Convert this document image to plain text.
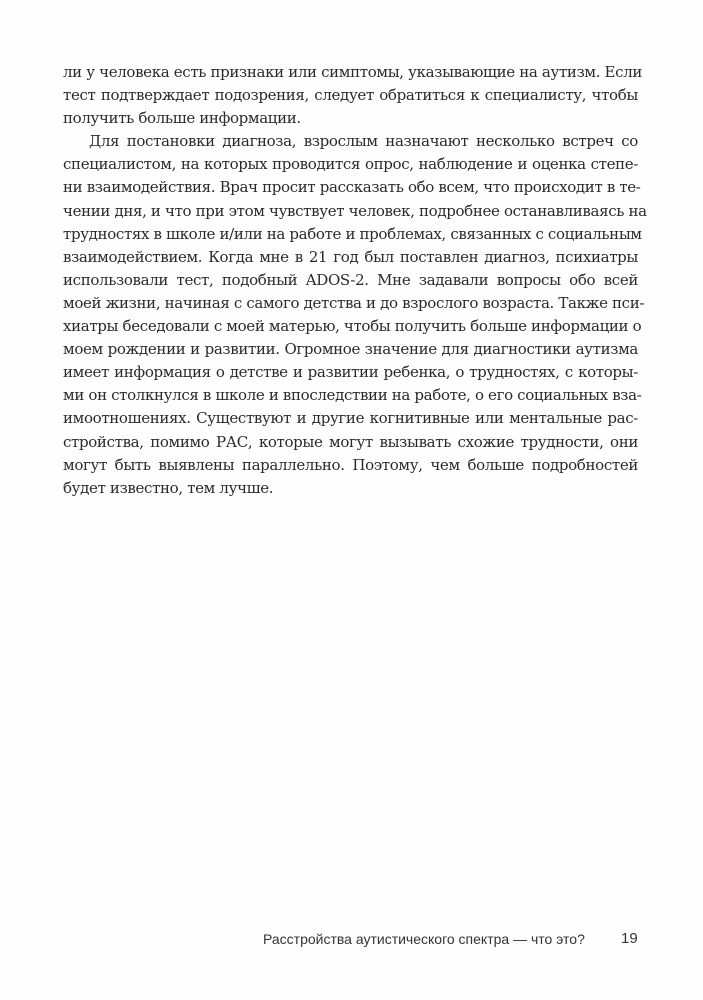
ли у человека есть признаки или симптомы, указывающие на аутизм. Если
тест подтверждает подозрения, следует обратиться к специалисту, чтобы
получить больше информации.
Для постановки диагноза, взрослым назначают несколько встреч со
специалистом, на которых проводится опрос, наблюдение и оценка степе-
ни взаимодействия. Врач просит рассказать обо всем, что происходит в те-
чении дня, и что при этом чувствует человек, подробнее останавливаясь на
трудностях в школе и/или на работе и проблемах, связанных с социальным
взаимодействием. Когда мне в 21 год был поставлен диагноз, психиатры
использовали тест, подобный ADOS-2. Мне задавали вопросы обо всей
моей жизни, начиная с самого детства и до взрослого возраста. Также пси-
хиатры беседовали с моей матерью, чтобы получить больше информации о
моем рождении и развитии. Огромное значение для диагностики аутизма
имеет информация о детстве и развитии ребенка, о трудностях, с которы-
ми он столкнулся в школе и впоследствии на работе, о его социальных вза-
имоотношениях. Существуют и другие когнитивные или ментальные рас-
стройства, помимо РАС, которые могут вызывать схожие трудности, они
могут быть выявлены параллельно. Поэтому, чем больше подробностей
будет известно, тем лучше.
Расстройства аутистического спектра — что это? 19
